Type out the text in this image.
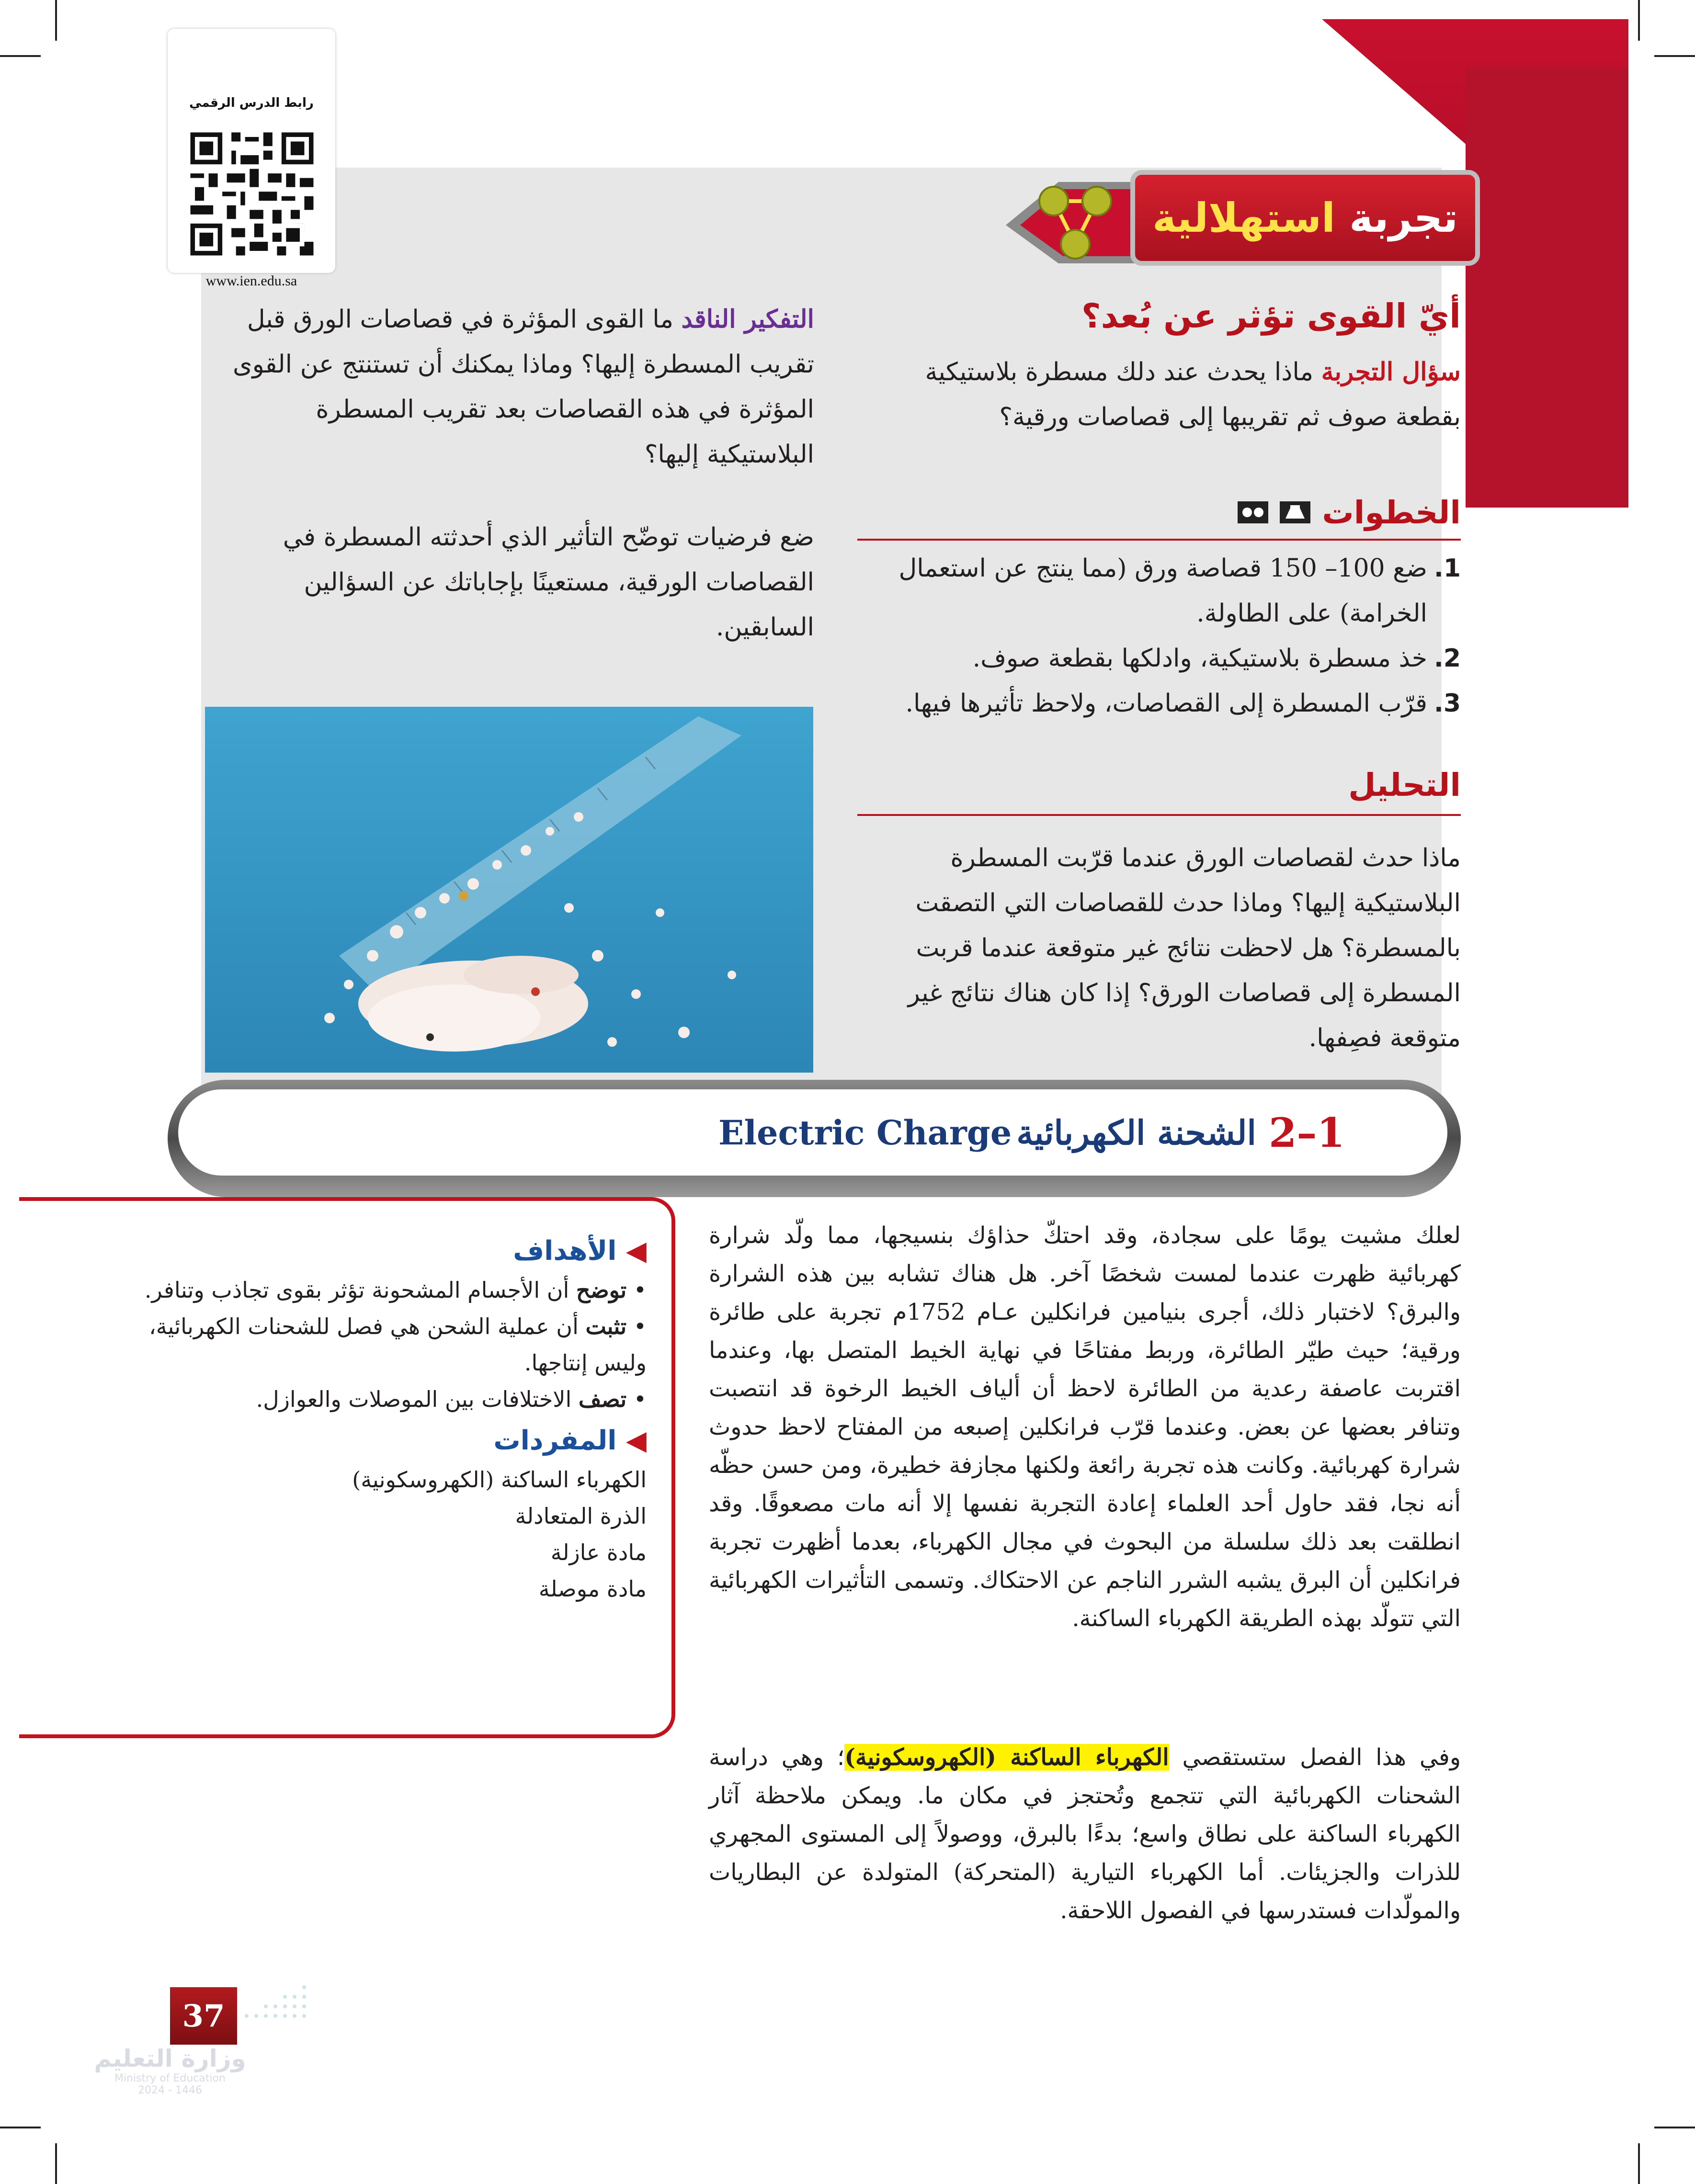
رابط الدرس الرقمي
www.ien.edu.sa
تجربة استهلالية
أيّ القوى تؤثر عن بُعد؟
سؤال التجربة ماذا يحدث عند دلك مسطرة بلاستيكية بقطعة صوف ثم تقريبها إلى قصاصات ورقية؟
الخطوات
1.
ضع 100– 150 قصاصة ورق (مما ينتج عن استعمال الخرامة) على الطاولة.
2.
خذ مسطرة بلاستيكية، وادلكها بقطعة صوف.
3.
قرّب المسطرة إلى القصاصات، ولاحظ تأثيرها فيها.
التحليل
ماذا حدث لقصاصات الورق عندما قرّبت المسطرة البلاستيكية إليها؟ وماذا حدث للقصاصات التي التصقت بالمسطرة؟ هل لاحظت نتائج غير متوقعة عندما قربت المسطرة إلى قصاصات الورق؟ إذا كان هناك نتائج غير متوقعة فصِفها.
التفكير الناقد ما القوى المؤثرة في قصاصات الورق قبل تقريب المسطرة إليها؟ وماذا يمكنك أن تستنتج عن القوى المؤثرة في هذه القصاصات بعد تقريب المسطرة البلاستيكية إليها؟
ضع فرضيات توضّح التأثير الذي أحدثته المسطرة في القصاصات الورقية، مستعينًا بإجاباتك عن السؤالين السابقين.
1–2
الشحنة الكهربائية
Electric Charge
◀ الأهداف
• توضح أن الأجسام المشحونة تؤثر بقوى تجاذب وتنافر.
• تثبت أن عملية الشحن هي فصل للشحنات الكهربائية، وليس إنتاجها.
• تصف الاختلافات بين الموصلات والعوازل.
◀ المفردات
الكهرباء الساكنة (الكهروسكونية)
الذرة المتعادلة
مادة عازلة
مادة موصلة
لعلك مشيت يومًا على سجادة، وقد احتكّ حذاؤك بنسيجها، مما ولّد شرارة كهربائية ظهرت عندما لمست شخصًا آخر. هل هناك تشابه بين هذه الشرارة والبرق؟ لاختبار ذلك، أجرى بنيامين فرانكلين عـام 1752م تجربة على طائرة ورقية؛ حيث طيّر الطائرة، وربط مفتاحًا في نهاية الخيط المتصل بها، وعندما اقتربت عاصفة رعدية من الطائرة لاحظ أن ألياف الخيط الرخوة قد انتصبت وتنافر بعضها عن بعض. وعندما قرّب فرانكلين إصبعه من المفتاح لاحظ حدوث شرارة كهربائية. وكانت هذه تجربة رائعة ولكنها مجازفة خطيرة، ومن حسن حظّه أنه نجا، فقد حاول أحد العلماء إعادة التجربة نفسها إلا أنه مات مصعوقًا. وقد انطلقت بعد ذلك سلسلة من البحوث في مجال الكهرباء، بعدما أظهرت تجربة فرانكلين أن البرق يشبه الشرر الناجم عن الاحتكاك. وتسمى التأثيرات الكهربائية التي تتولّد بهذه الطريقة الكهرباء الساكنة.
وفي هذا الفصل ستستقصي الكهرباء الساكنة (الكهروسكونية)؛ وهي دراسة الشحنات الكهربائية التي تتجمع وتُحتجز في مكان ما. ويمكن ملاحظة آثار الكهرباء الساكنة على نطاق واسع؛ بدءًا بالبرق، ووصولاً إلى المستوى المجهري للذرات والجزيئات. أما الكهرباء التيارية (المتحركة) المتولدة عن البطاريات والمولّدات فستدرسها في الفصول اللاحقة.
37
وزارة التعليم
Ministry of Education
2024 - 1446
